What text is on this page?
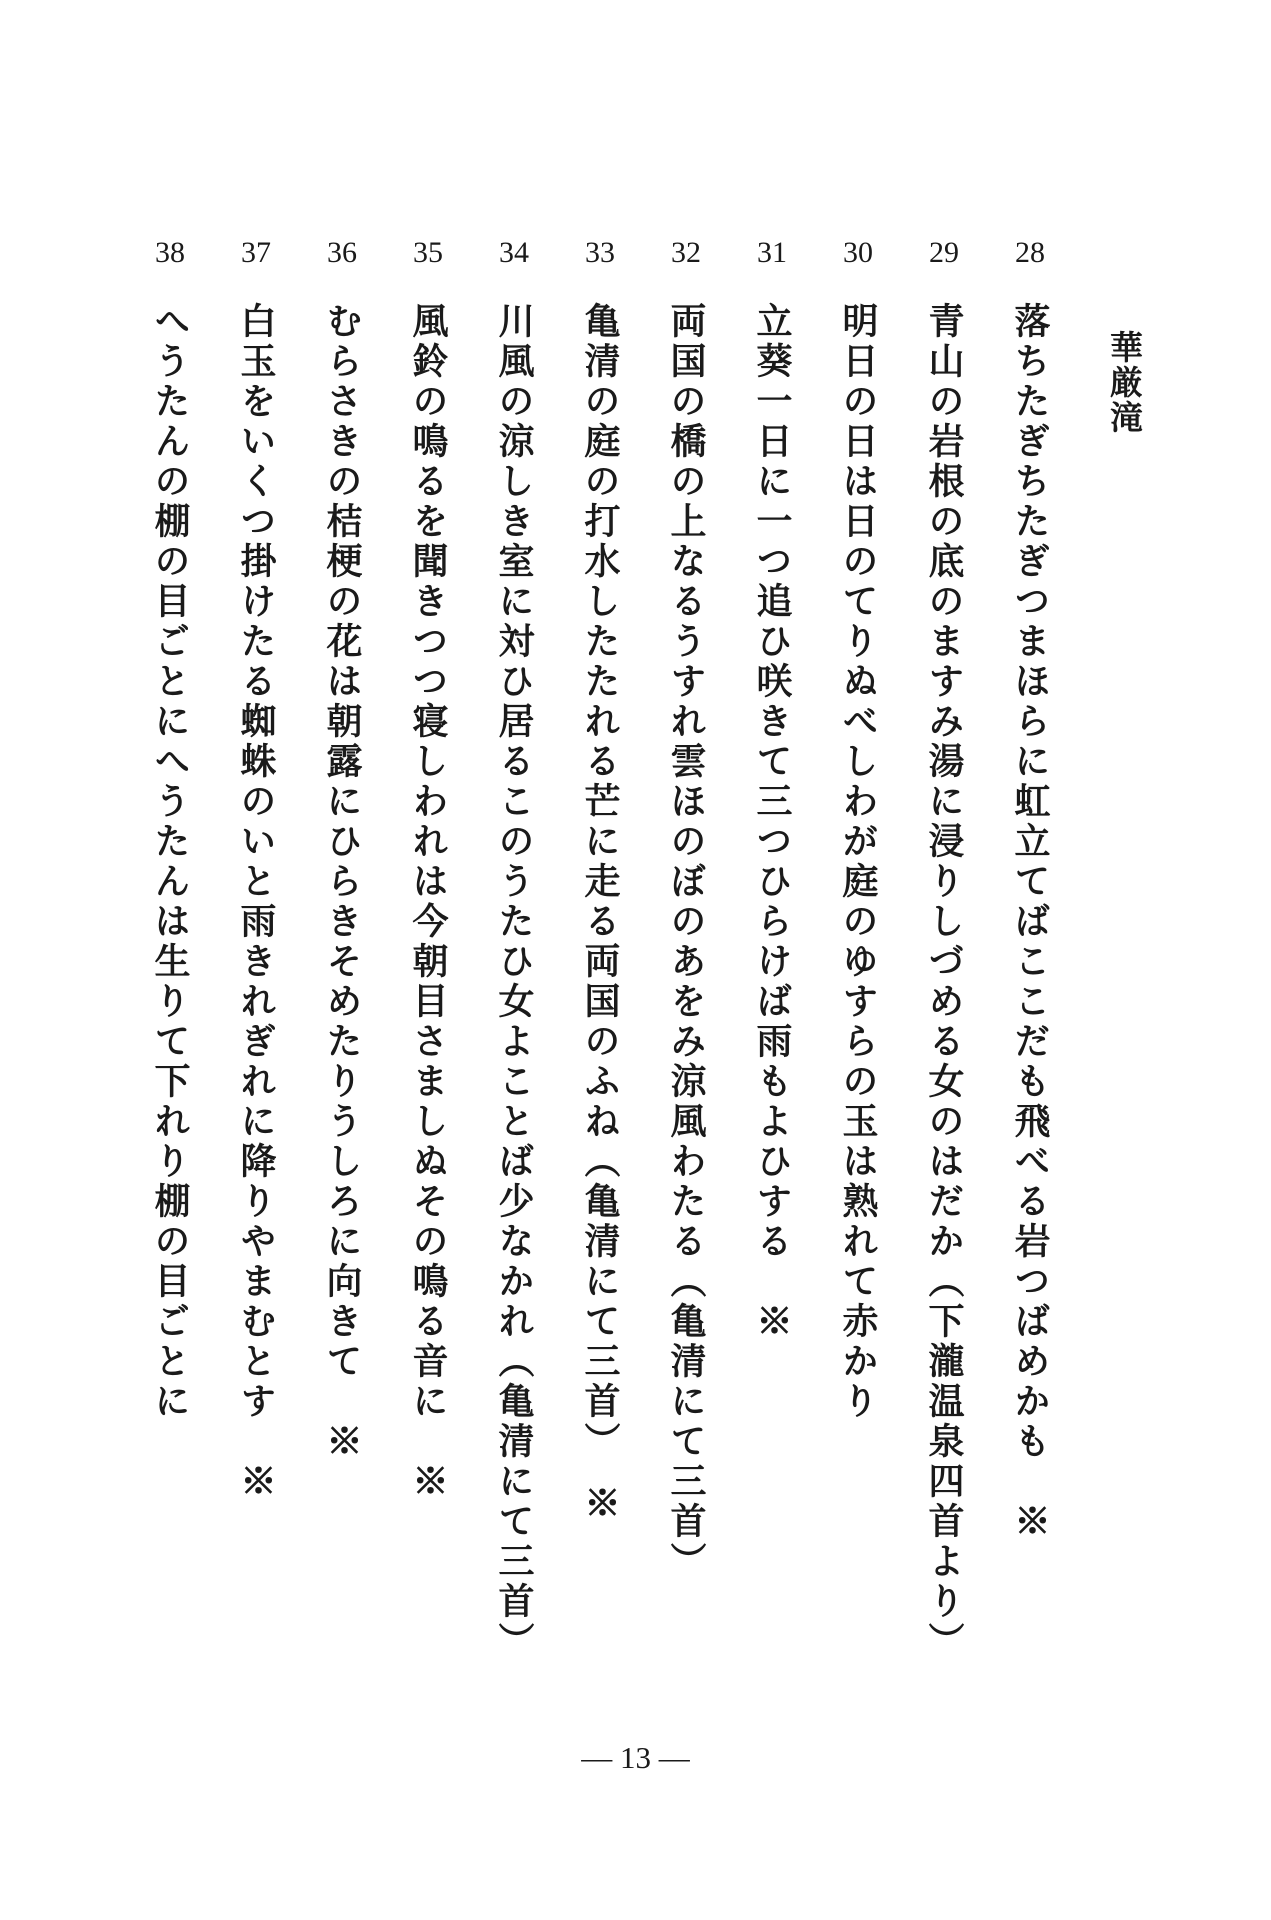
華厳滝
28
落ちたぎちたぎつまほらに虹立てばここだも飛べる岩つばめかも　※
29
青山の岩根の底のますみ湯に浸りしづめる女のはだか（下瀧温泉四首より）
30
明日の日は日のてりぬべしわが庭のゆすらの玉は熟れて赤かり
31
立葵一日に一つ追ひ咲きて三つひらけば雨もよひする　※
32
両国の橋の上なるうすれ雲ほのぼのあをみ涼風わたる（亀清にて三首）
33
亀清の庭の打水したたれる芒に走る両国のふね（亀清にて三首）　※
34
川風の涼しき室に対ひ居るこのうたひ女よことば少なかれ（亀清にて三首）
35
風鈴の鳴るを聞きつつ寝しわれは今朝目さましぬその鳴る音に　※
36
むらさきの桔梗の花は朝露にひらきそめたりうしろに向きて　※
37
白玉をいくつ掛けたる蜘蛛のいと雨きれぎれに降りやまむとす　※
38
へうたんの棚の目ごとにへうたんは生りて下れり棚の目ごとに
— 13 —
